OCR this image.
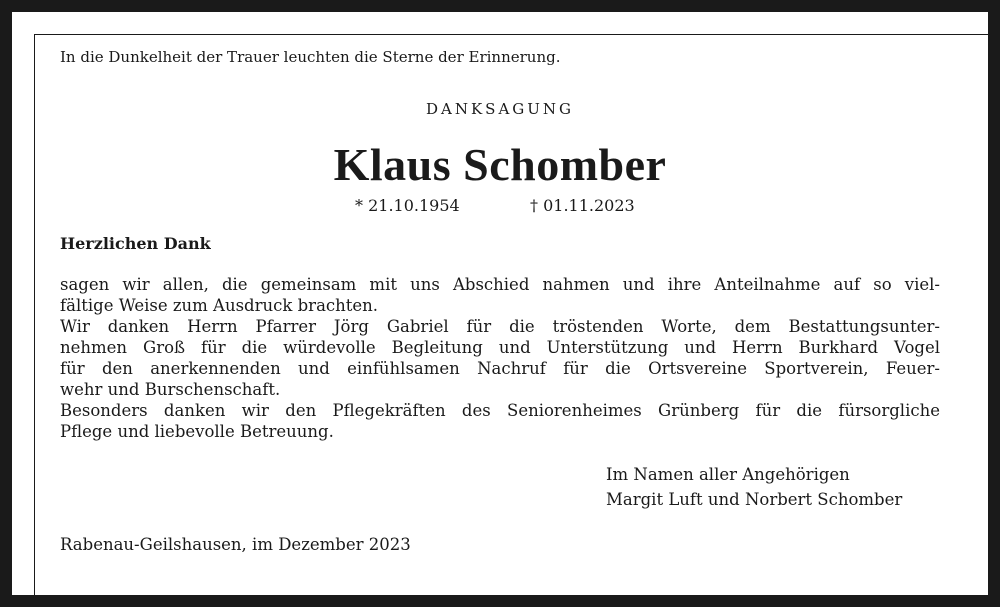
In die Dunkelheit der Trauer leuchten die Sterne der Erinnerung.
DANKSAGUNG
Klaus Schomber
* 21.10.1954	† 01.11.2023
Herzlichen Dank
sagen wir allen, die gemeinsam mit uns Abschied nahmen und ihre Anteilnahme auf so viel-
fältige Weise zum Ausdruck brachten.
Wir danken Herrn Pfarrer Jörg Gabriel für die tröstenden Worte, dem Bestattungsunter-
nehmen Groß für die würdevolle Begleitung und Unterstützung und Herrn Burkhard Vogel
für den anerkennenden und einfühlsamen Nachruf für die Ortsvereine Sportverein, Feuer-
wehr und Burschenschaft.
Besonders danken wir den Pflegekräften des Seniorenheimes Grünberg für die fürsorgliche
Pflege und liebevolle Betreuung.
Im Namen aller Angehörigen
Margit Luft und Norbert Schomber
Rabenau-Geilshausen, im Dezember 2023
